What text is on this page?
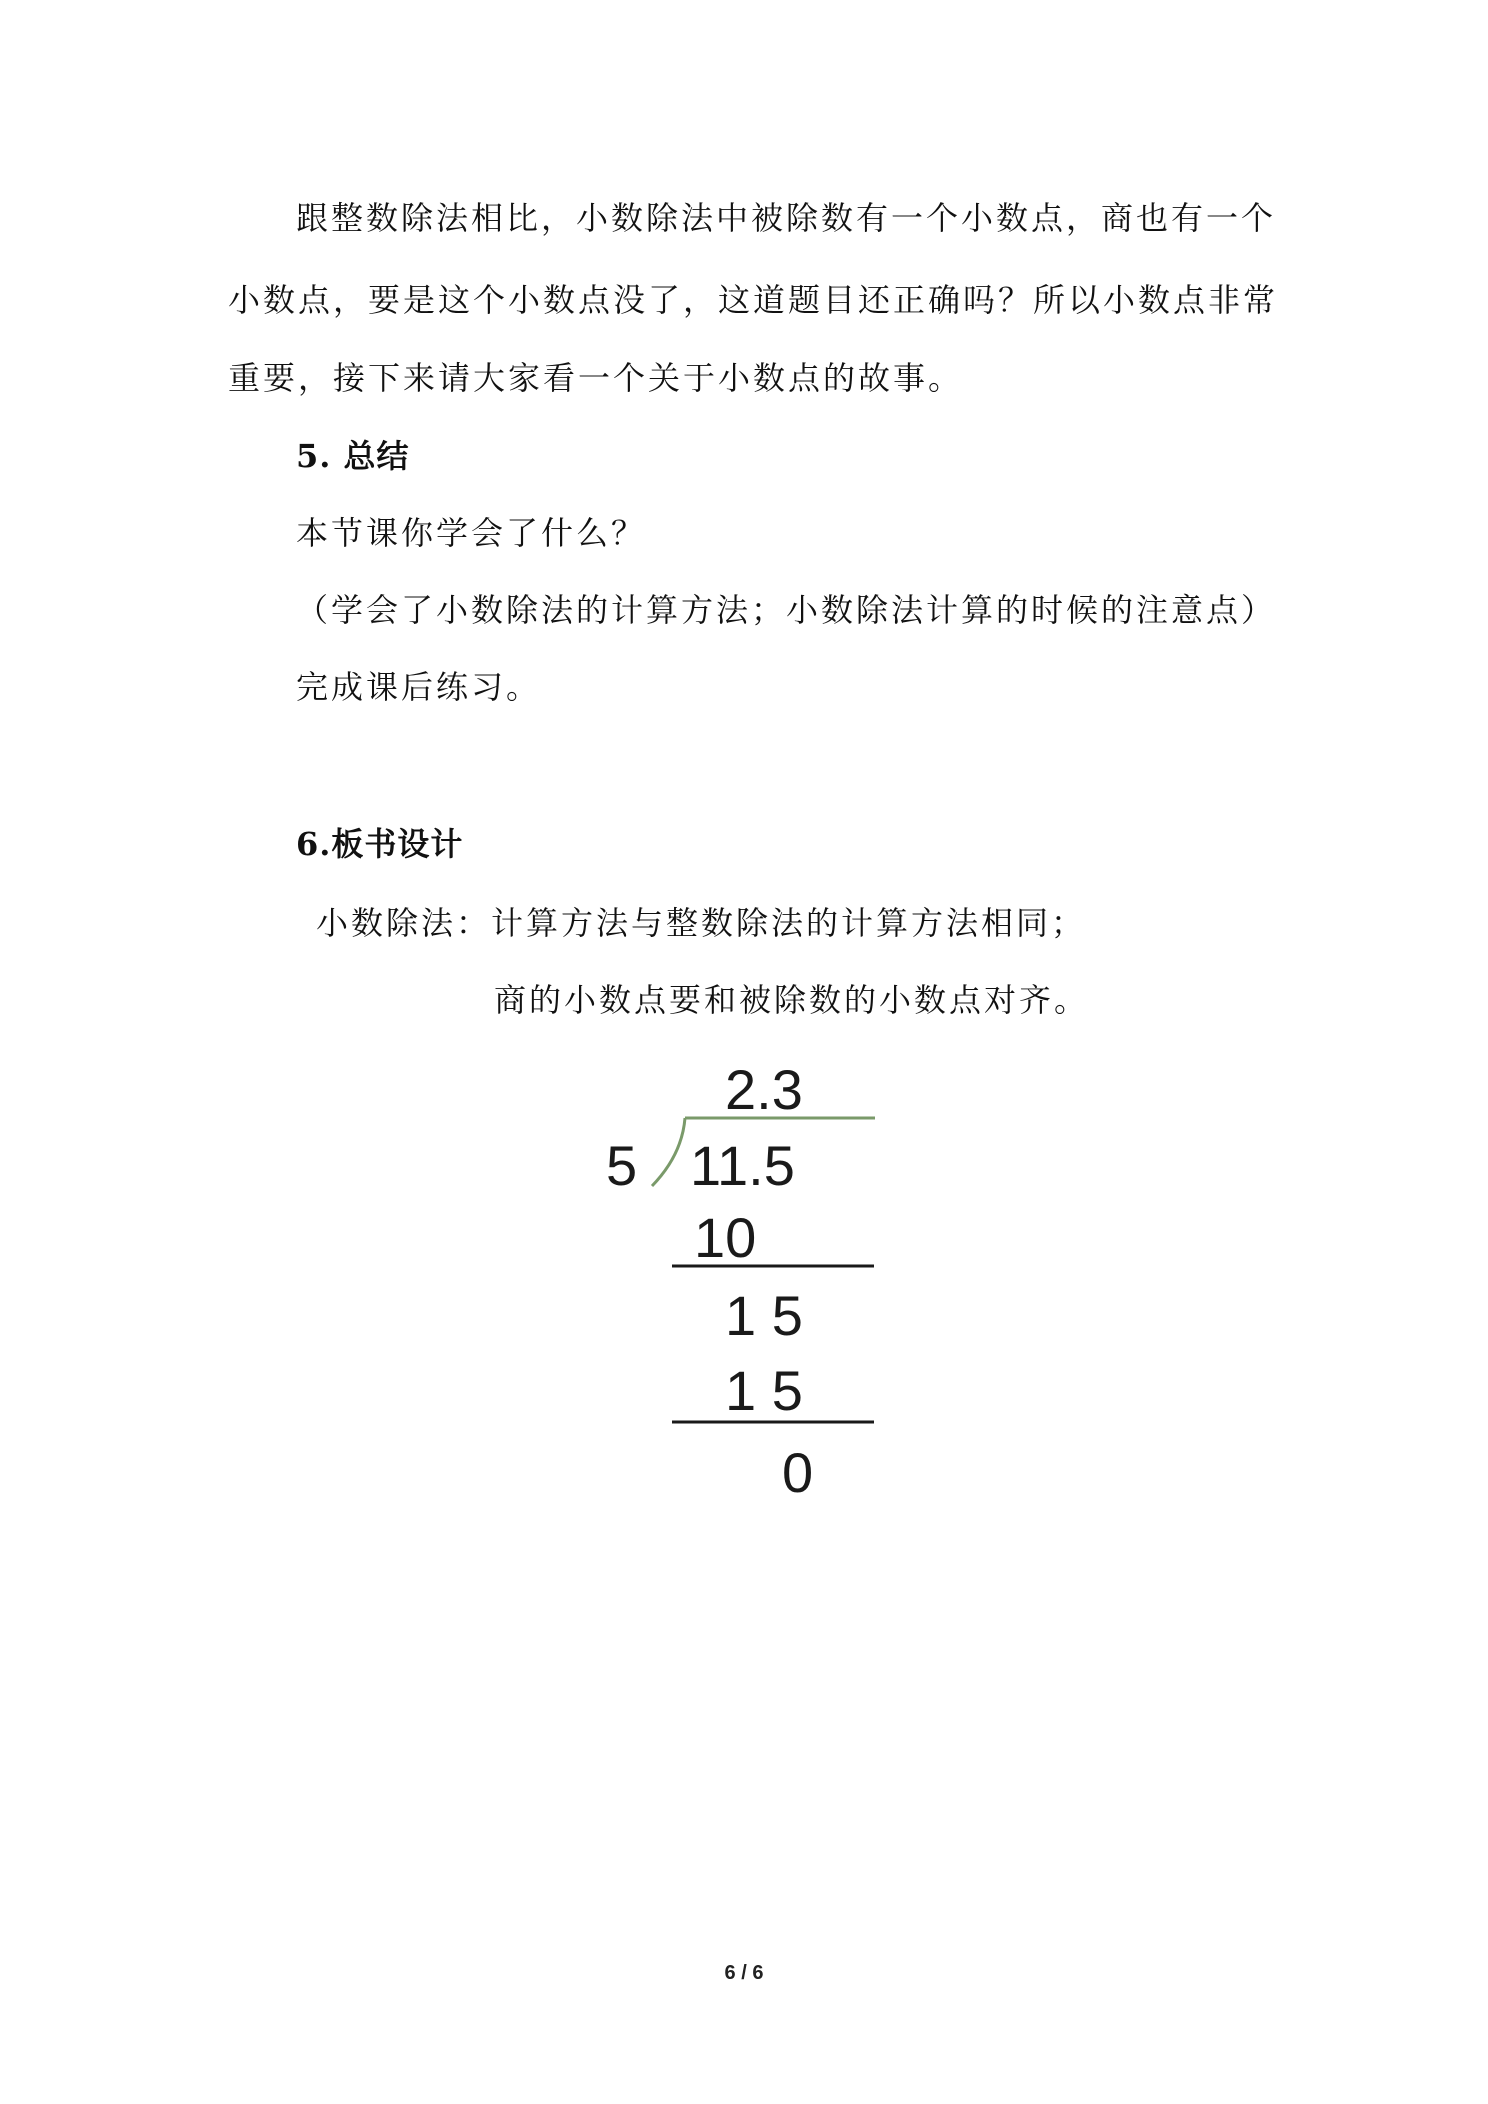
跟整数除法相比，小数除法中被除数有一个小数点，商也有一个
小数点，要是这个小数点没了，这道题目还正确吗？所以小数点非常
重要，接下来请大家看一个关于小数点的故事。
5. 总结
本节课你学会了什么？
（学会了小数除法的计算方法；小数除法计算的时候的注意点）
完成课后练习。
6.板书设计
小数除法：计算方法与整数除法的计算方法相同；
商的小数点要和被除数的小数点对齐。
2.3
5 11.5
10
1 5
1 5
0
6 / 6
